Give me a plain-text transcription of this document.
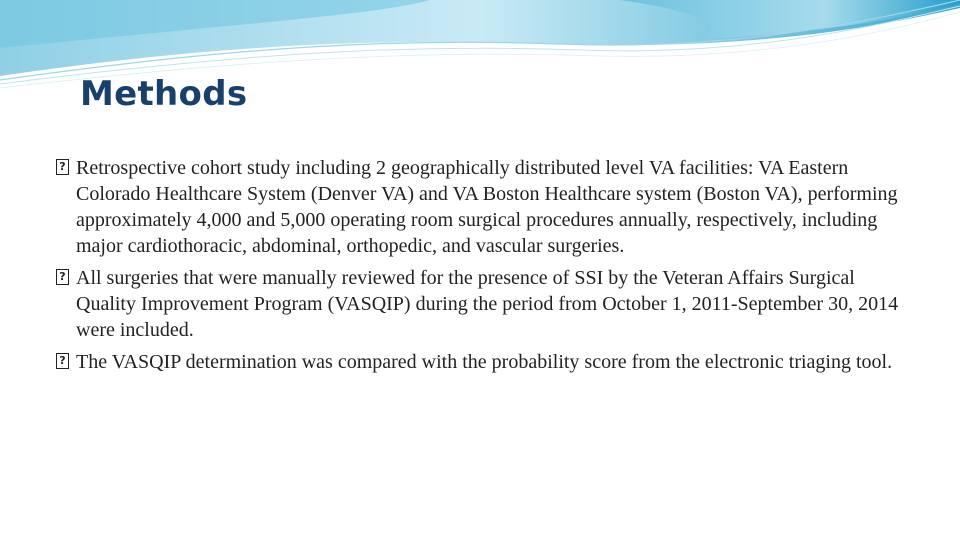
Methods
? Retrospective cohort study including 2 geographically distributed level VA facilities: VA Eastern Colorado Healthcare System (Denver VA) and VA Boston Healthcare system (Boston VA), performing approximately 4,000 and 5,000 operating room surgical procedures annually, respectively, including major cardiothoracic, abdominal, orthopedic, and vascular surgeries.
? All surgeries that were manually reviewed for the presence of SSI by the Veteran Affairs Surgical Quality Improvement Program (VASQIP) during the period from October 1, 2011-September 30, 2014 were included.
? The VASQIP determination was compared with the probability score from the electronic triaging tool.
